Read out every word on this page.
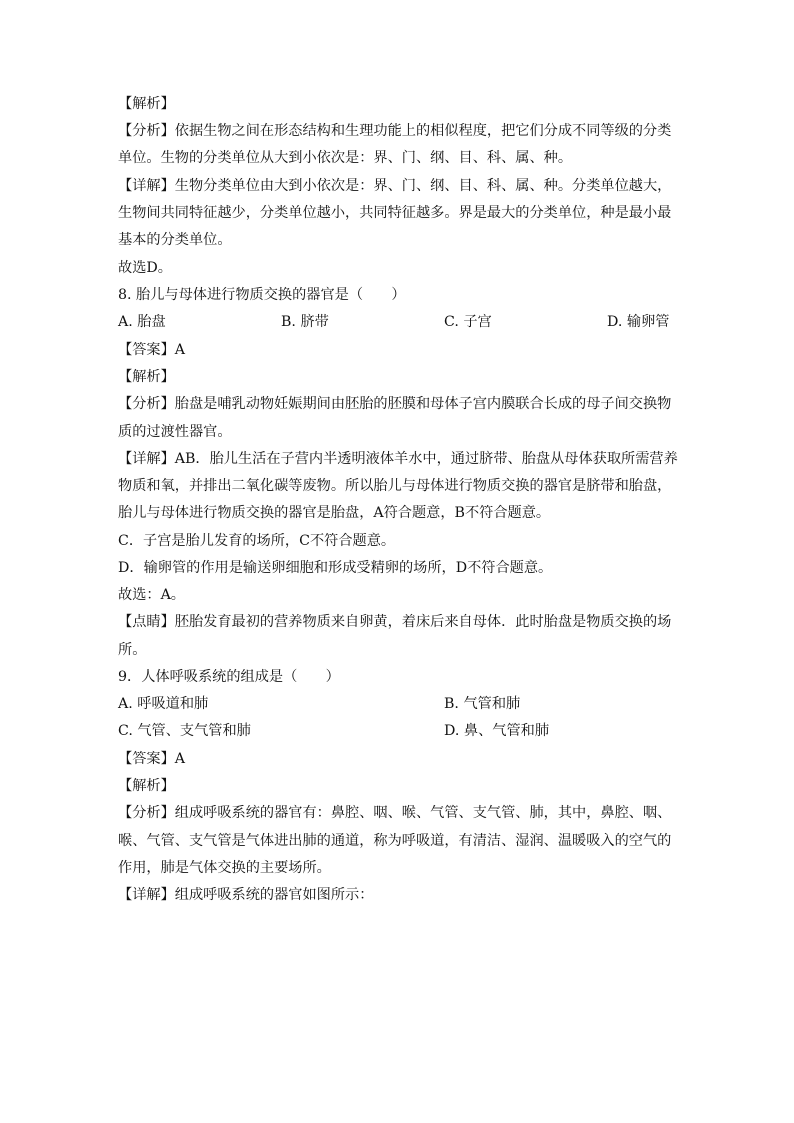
【解析】
【分析】依据生物之间在形态结构和生理功能上的相似程度，把它们分成不同等级的分类
单位。生物的分类单位从大到小依次是：界、门、纲、目、科、属、种。
【详解】生物分类单位由大到小依次是：界、门、纲、目、科、属、种。分类单位越大，
生物间共同特征越少，分类单位越小，共同特征越多。界是最大的分类单位，种是最小最
基本的分类单位。
故选D。
8. 胎儿与母体进行物质交换的器官是（　　）
A. 胎盘	B. 脐带	C. 子宫	D. 输卵管
【答案】A
【解析】
【分析】胎盘是哺乳动物妊娠期间由胚胎的胚膜和母体子宫内膜联合长成的母子间交换物
质的过渡性器官。
【详解】AB．胎儿生活在子营内半透明液体羊水中，通过脐带、胎盘从母体获取所需营养
物质和氧，并排出二氧化碳等废物。所以胎儿与母体进行物质交换的器官是脐带和胎盘，
胎儿与母体进行物质交换的器官是胎盘，A符合题意，B不符合题意。
C．子宫是胎儿发育的场所，C不符合题意。
D．输卵管的作用是输送卵细胞和形成受精卵的场所，D不符合题意。
故选：A。
【点睛】胚胎发育最初的营养物质来自卵黄，着床后来自母体．此时胎盘是物质交换的场
所。
9．人体呼吸系统的组成是（　　）
A. 呼吸道和肺	B. 气管和肺
C. 气管、支气管和肺	D. 鼻、气管和肺
【答案】A
【解析】
【分析】组成呼吸系统的器官有：鼻腔、咽、喉、气管、支气管、肺，其中，鼻腔、咽、
喉、气管、支气管是气体进出肺的通道，称为呼吸道，有清洁、湿润、温暖吸入的空气的
作用，肺是气体交换的主要场所。
【详解】组成呼吸系统的器官如图所示：
